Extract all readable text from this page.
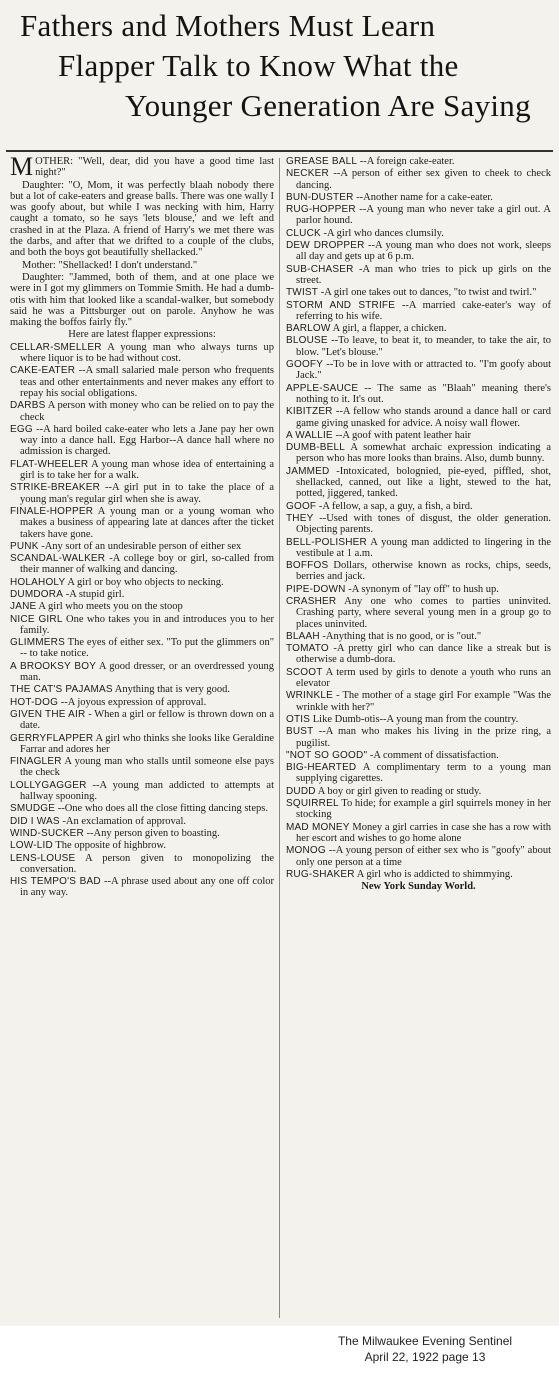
Fathers and Mothers Must Learn
Flapper Talk to Know What the
Younger Generation Are Saying

MOTHER: "Well, dear, did you have a good time last night?"

Daughter: "O, Mom, it was perfectly blaah nobody there but a lot of cake-eaters and grease balls. There was one wally I was goofy about, but while I was necking with him, Harry caught a tomato, so he says 'lets blouse,' and we left and crashed in at the Plaza. A friend of Harry's we met there was the darbs, and after that we drifted to a couple of the clubs, and both the boys got beautifully shellacked."

Mother: "Shellacked! I don't understand."

Daughter: "Jammed, both of them, and at one place we were in I got my glimmers on Tommie Smith. He had a dumb-otis with him that looked like a scandal-walker, but somebody said he was a Pittsburger out on parole. Anyhow he was making the boffos fairly fly."

Here are latest flapper expressions:

CELLAR-SMELLER A young man who always turns up where liquor is to be had without cost.

CAKE-EATER --A small salaried male person who frequents teas and other entertainments and never makes any effort to repay his social obligations.

DARBS A person with money who can be relied on to pay the check

EGG --A hard boiled cake-eater who lets a Jane pay her own way into a dance hall. Egg Harbor--A dance hall where no admission is charged.

FLAT-WHEELER A young man whose idea of entertaining a girl is to take her for a walk.

STRIKE-BREAKER --A girl put in to take the place of a young man's regular girl when she is away.

FINALE-HOPPER A young man or a young woman who makes a business of appearing late at dances after the ticket takers have gone.

PUNK -Any sort of an undesirable person of either sex

SCANDAL-WALKER -A college boy or girl, so-called from their manner of walking and dancing.

HOLAHOLY A girl or boy who objects to necking.

DUMDORA -A stupid girl.

JANE A girl who meets you on the stoop

NICE GIRL One who takes you in and introduces you to her family.

GLIMMERS The eyes of either sex. "To put the glimmers on" -- to take notice.

A BROOKSY BOY A good dresser, or an overdressed young man.

THE CAT'S PAJAMAS Anything that is very good.

HOT-DOG --A joyous expression of approval.

GIVEN THE AIR - When a girl or fellow is thrown down on a date.

GERRYFLAPPER A girl who thinks she looks like Geraldine Farrar and adores her

FINAGLER A young man who stalls until someone else pays the check

LOLLYGAGGER --A young man addicted to attempts at hallway spooning.

SMUDGE --One who does all the close fitting dancing steps.

DID I WAS -An exclamation of approval.

WIND-SUCKER --Any person given to boasting.

LOW-LID The opposite of highbrow.

LENS-LOUSE A person given to monopolizing the conversation.

HIS TEMPO'S BAD --A phrase used about any one off color in any way.

GREASE BALL --A foreign cake-eater.

NECKER --A person of either sex given to cheek to check dancing.

BUN-DUSTER --Another name for a cake-eater.

RUG-HOPPER --A young man who never take a girl out. A parlor hound.

CLUCK -A girl who dances clumsily.

DEW DROPPER --A young man who does not work, sleeps all day and gets up at 6 p.m.

SUB-CHASER -A man who tries to pick up girls on the street.

TWIST -A girl one takes out to dances, "to twist and twirl."

STORM AND STRIFE --A married cake-eater's way of referring to his wife.

BARLOW A girl, a flapper, a chicken.

BLOUSE --To leave, to beat it, to meander, to take the air, to blow. "Let's blouse."

GOOFY --To be in love with or attracted to. "I'm goofy about Jack."

APPLE-SAUCE -- The same as "Blaah" meaning there's nothing to it. It's out.

KIBITZER --A fellow who stands around a dance hall or card game giving unasked for advice. A noisy wall flower.

A WALLIE --A goof with patent leather hair

DUMB-BELL A somewhat archaic expression indicating a person who has more looks than brains. Also, dumb bunny.

JAMMED -Intoxicated, bolognied, pie-eyed, piffled, shot, shellacked, canned, out like a light, stewed to the hat, potted, jiggered, tanked.

GOOF -A fellow, a sap, a guy, a fish, a bird.

THEY --Used with tones of disgust, the older generation. Objecting parents.

BELL-POLISHER A young man addicted to lingering in the vestibule at 1 a.m.

BOFFOS Dollars, otherwise known as rocks, chips, seeds, berries and jack.

PIPE-DOWN -A synonym of "lay off" to hush up.

CRASHER Any one who comes to parties uninvited. Crashing party, where several young men in a group go to places uninvited.

BLAAH -Anything that is no good, or is "out."

TOMATO -A pretty girl who can dance like a streak but is otherwise a dumb-dora.

SCOOT A term used by girls to denote a youth who runs an elevator

WRINKLE - The mother of a stage girl For example "Was the wrinkle with her?"

OTIS Like Dumb-otis--A young man from the country.

BUST --A man who makes his living in the prize ring, a pugilist.

"NOT SO GOOD" -A comment of dissatisfaction.

BIG-HEARTED A complimentary term to a young man supplying cigarettes.

DUDD A boy or girl given to reading or study.

SQUIRREL To hide; for example a girl squirrels money in her stocking

MAD MONEY Money a girl carries in case she has a row with her escort and wishes to go home alone

MONOG --A young person of either sex who is "goofy" about only one person at a time

RUG-SHAKER A girl who is addicted to shimmying.

New York Sunday World.

The Milwaukee Evening Sentinel
April 22, 1922 page 13
